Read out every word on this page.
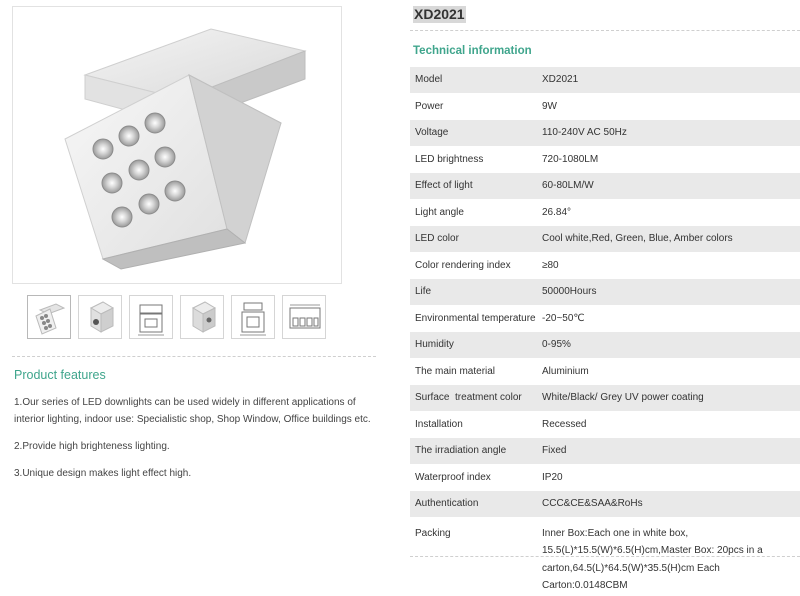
Product features

1.Our series of LED downlights can be used widely in different applications of interior lighting, indoor use: Specialistic shop, Shop Window, Office buildings etc.

2.Provide high brighteness lighting.

3.Unique design makes light effect high.

XD2021
Technical information
Model	XD2021
Power	9W
Voltage	110-240V AC 50Hz
LED brightness	720-1080LM
Effect of light	60-80LM/W
Light angle	26.84°
LED color	Cool white,Red, Green, Blue, Amber colors
Color rendering index	≥80
Life	50000Hours
Environmental temperature	-20~50℃
Humidity	0-95%
The main material	Aluminium
Surface  treatment color	White/Black/ Grey UV power coating
Installation	Recessed
The irradiation angle	Fixed
Waterproof index	IP20
Authentication	CCC&CE&SAA&RoHs
Packing	Inner Box:Each one in white box, 15.5(L)*15.5(W)*6.5(H)cm,Master Box: 20pcs in a carton,64.5(L)*64.5(W)*35.5(H)cm Each Carton:0.0148CBM
